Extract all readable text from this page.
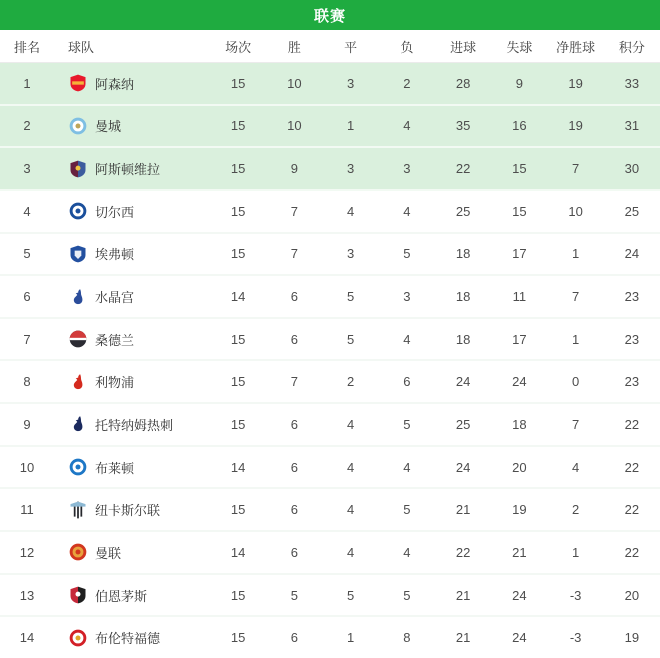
联赛
排名	球队	场次	胜	平	负	进球	失球	净胜球	积分
1	阿森纳	15	10	3	2	28	9	19	33
2	曼城	15	10	1	4	35	16	19	31
3	阿斯顿维拉	15	9	3	3	22	15	7	30
4	切尔西	15	7	4	4	25	15	10	25
5	埃弗顿	15	7	3	5	18	17	1	24
6	水晶宫	14	6	5	3	18	11	7	23
7	桑德兰	15	6	5	4	18	17	1	23
8	利物浦	15	7	2	6	24	24	0	23
9	托特纳姆热刺	15	6	4	5	25	18	7	22
10	布莱顿	14	6	4	4	24	20	4	22
11	纽卡斯尔联	15	6	4	5	21	19	2	22
12	曼联	14	6	4	4	22	21	1	22
13	伯恩茅斯	15	5	5	5	21	24	-3	20
14	布伦特福德	15	6	1	8	21	24	-3	19
